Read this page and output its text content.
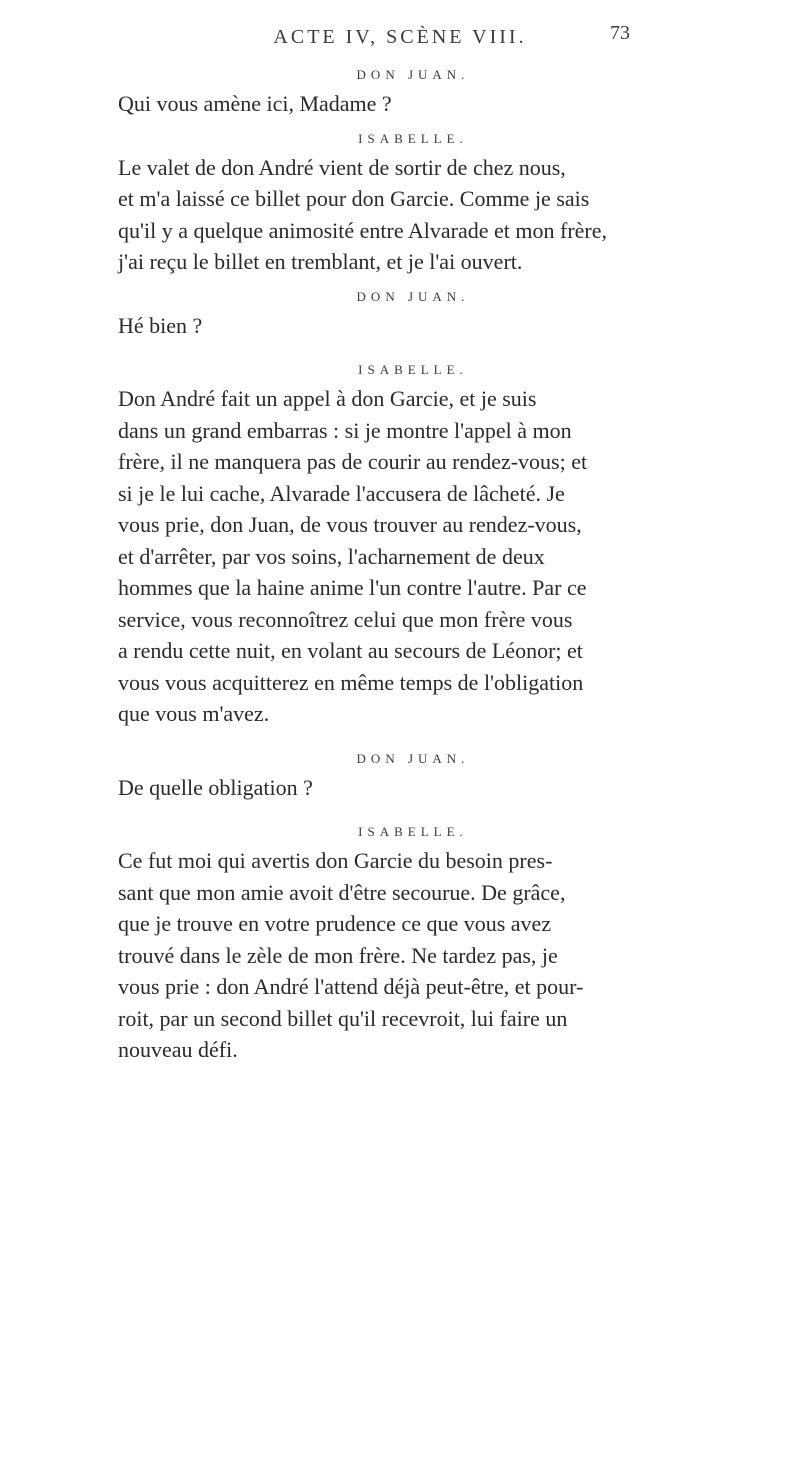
ACTE IV, SCÈNE VIII.	73

DON JUAN.

Qui vous amène ici, Madame ?

ISABELLE.

Le valet de don André vient de sortir de chez nous,
et m'a laissé ce billet pour don Garcie. Comme je sais
qu'il y a quelque animosité entre Alvarade et mon frère,
j'ai reçu le billet en tremblant, et je l'ai ouvert.

DON JUAN.

Hé bien ?

ISABELLE.

Don André fait un appel à don Garcie, et je suis
dans un grand embarras : si je montre l'appel à mon
frère, il ne manquera pas de courir au rendez-vous; et
si je le lui cache, Alvarade l'accusera de lâcheté. Je
vous prie, don Juan, de vous trouver au rendez-vous,
et d'arrêter, par vos soins, l'acharnement de deux
hommes que la haine anime l'un contre l'autre. Par ce
service, vous reconnoîtrez celui que mon frère vous
a rendu cette nuit, en volant au secours de Léonor; et
vous vous acquitterez en même temps de l'obligation
que vous m'avez.

DON JUAN.

De quelle obligation ?

ISABELLE.

Ce fut moi qui avertis don Garcie du besoin pres-
sant que mon amie avoit d'être secourue. De grâce,
que je trouve en votre prudence ce que vous avez
trouvé dans le zèle de mon frère. Ne tardez pas, je
vous prie : don André l'attend déjà peut-être, et pour-
roit, par un second billet qu'il recevroit, lui faire un
nouveau défi.
